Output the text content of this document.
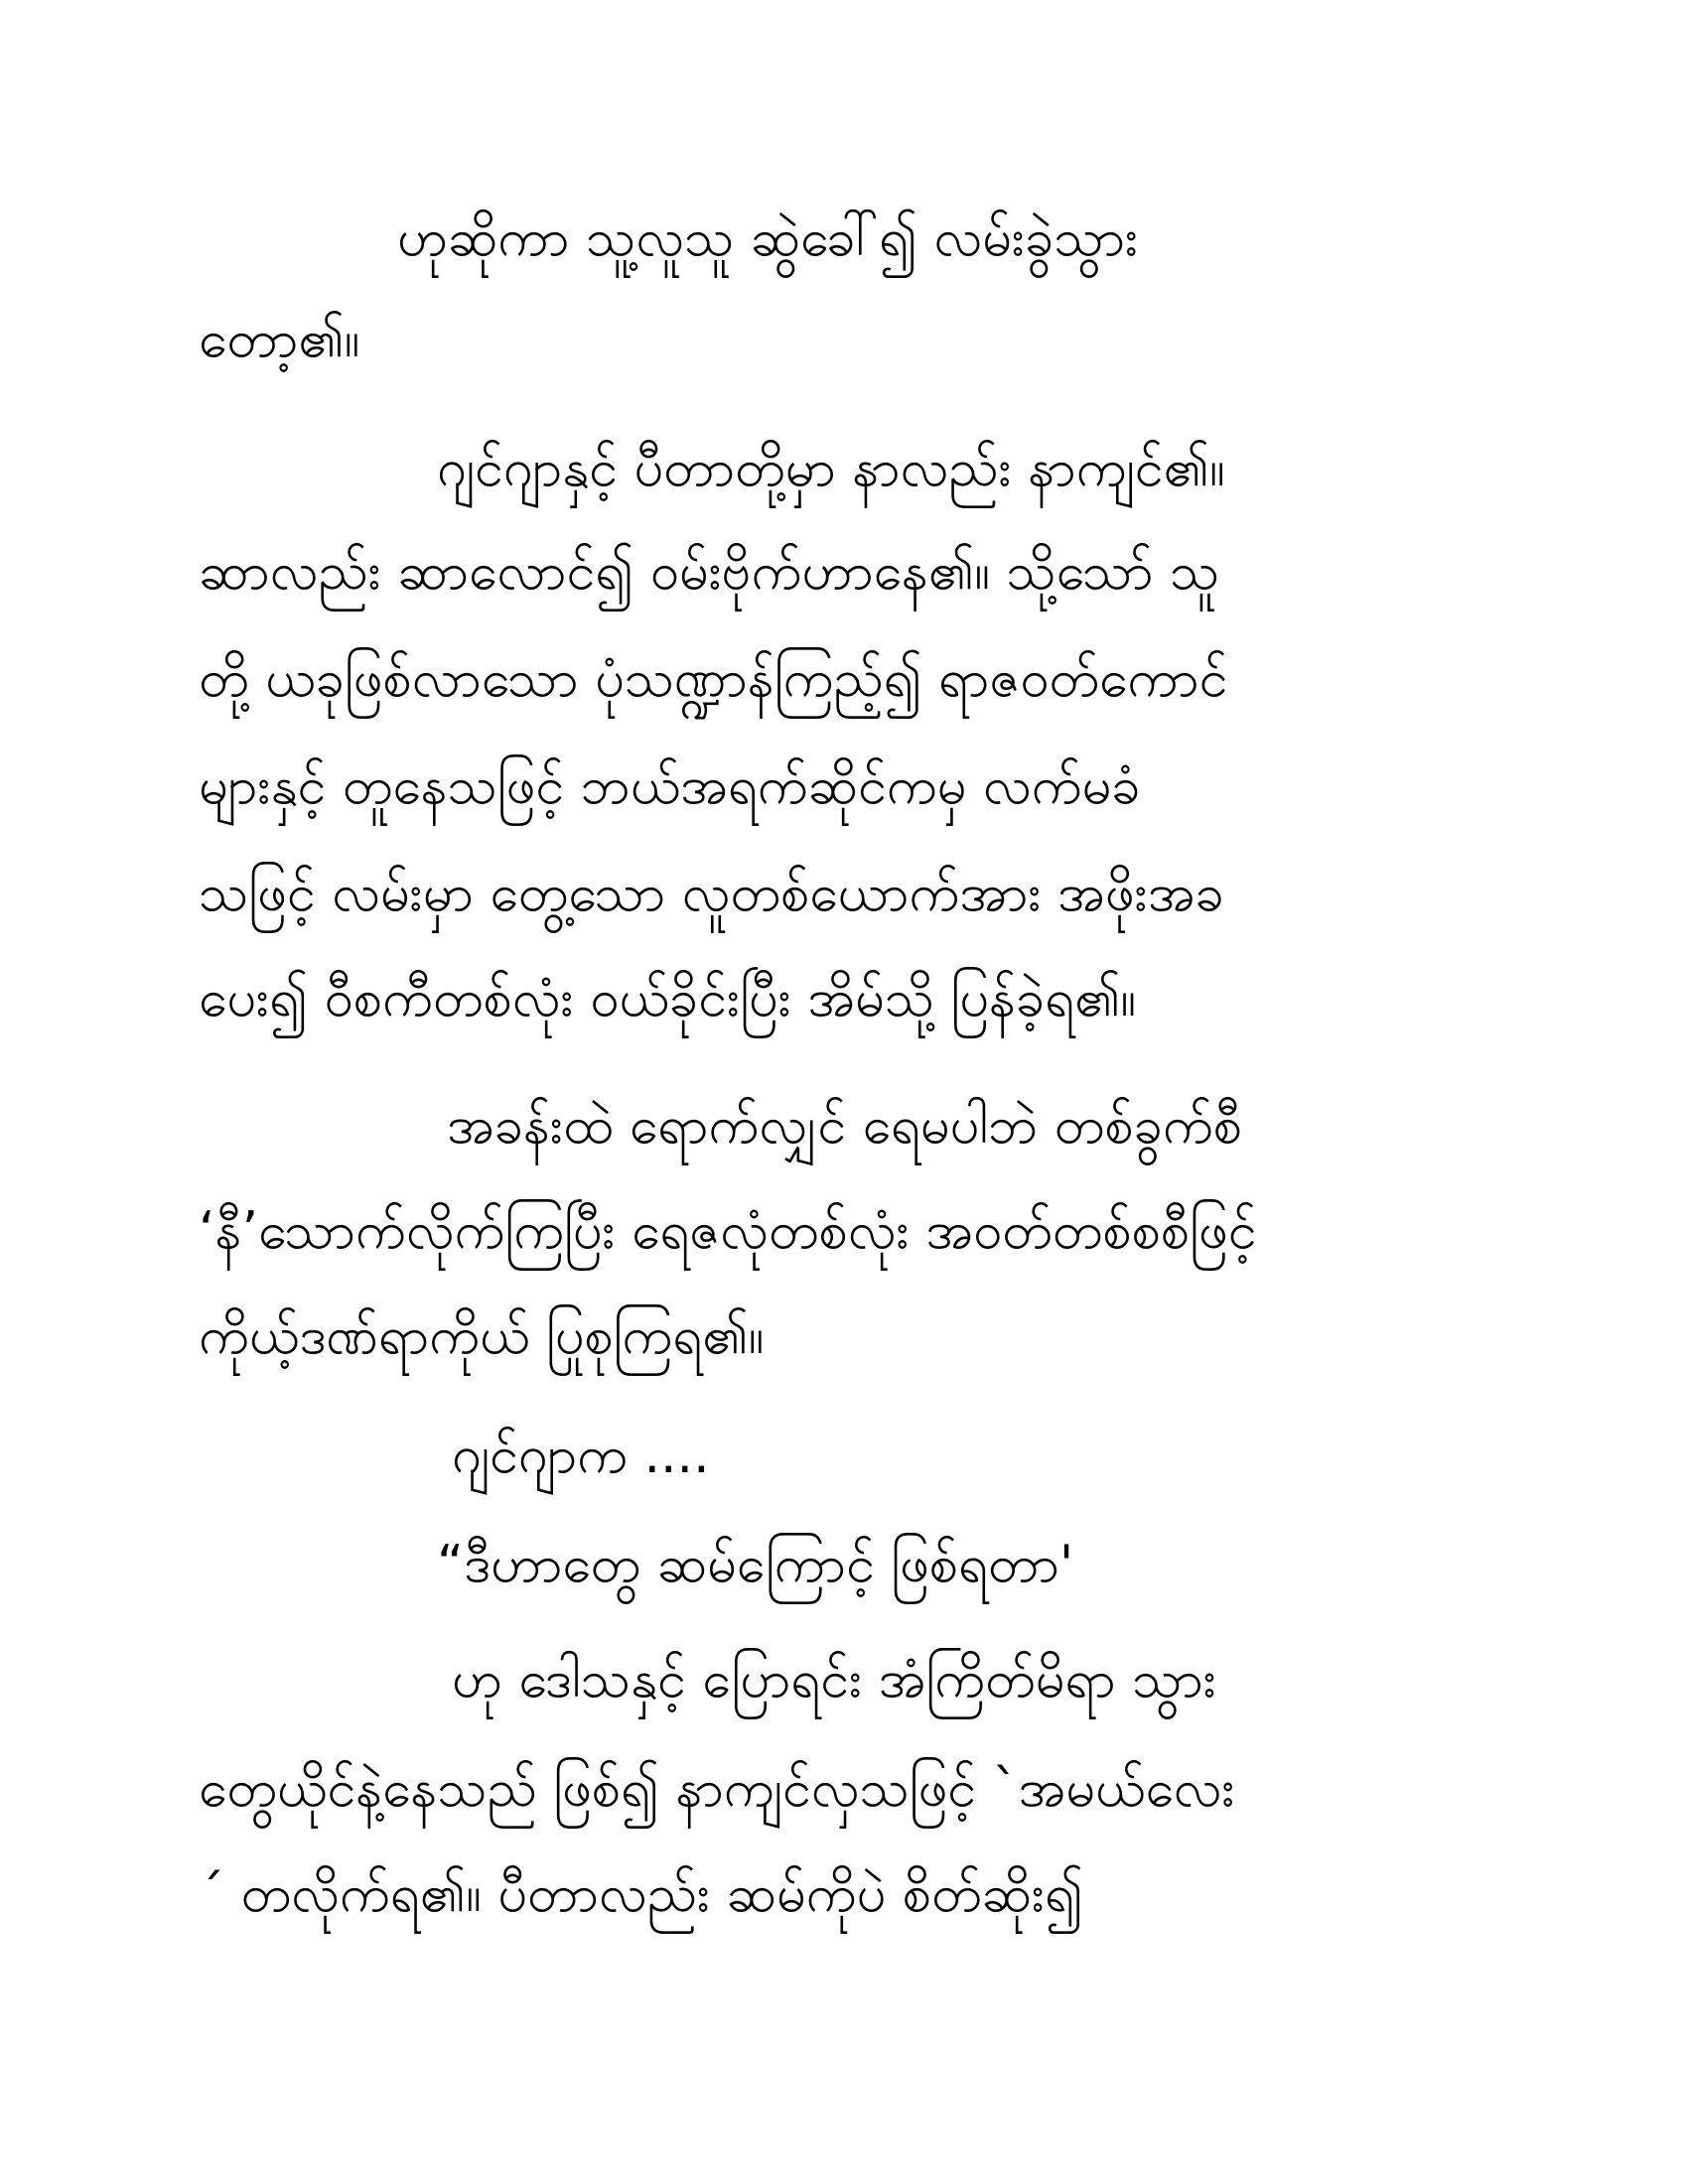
ဟုဆိုကာ သူ့လူသူ ဆွဲခေါ်၍ လမ်းခွဲသွား
တော့၏။
ဂျင်ဂျာနှင့် ပီတာတို့မှာ နာလည်း နာကျင်၏။
ဆာလည်း ဆာလောင်၍ ဝမ်းဗိုက်ဟာနေ၏။ သို့သော် သူ
တို့ ယခုဖြစ်လာသော ပုံသဏ္ဍာန်ကြည့်၍ ရာဇဝတ်ကောင်
များနှင့် တူနေသဖြင့် ဘယ်အရက်ဆိုင်ကမှ လက်မခံ
သဖြင့် လမ်းမှာ တွေ့သော လူတစ်ယောက်အား အဖိုးအခ
ပေး၍ ဝီစကီတစ်လုံး ဝယ်ခိုင်းပြီး အိမ်သို့ ပြန်ခဲ့ရ၏။
အခန်းထဲ ရောက်လျှင် ရေမပါဘဲ တစ်ခွက်စီ
‘နီ’သောက်လိုက်ကြပြီး ရေဇလုံတစ်လုံး အဝတ်တစ်စစီဖြင့်
ကိုယ့်ဒဏ်ရာကိုယ် ပြုစုကြရ၏။
ဂျင်ဂျာက ....
“ဒီဟာတွေ ဆမ်ကြောင့် ဖြစ်ရတာ'
ဟု ဒေါသနှင့် ပြောရင်း အံကြိတ်မိရာ သွား
တွေယိုင်နဲ့နေသည် ဖြစ်၍ နာကျင်လှသဖြင့် `အမယ်လေး
´ တလိုက်ရ၏။ ပီတာလည်း ဆမ်ကိုပဲ စိတ်ဆိုး၍
